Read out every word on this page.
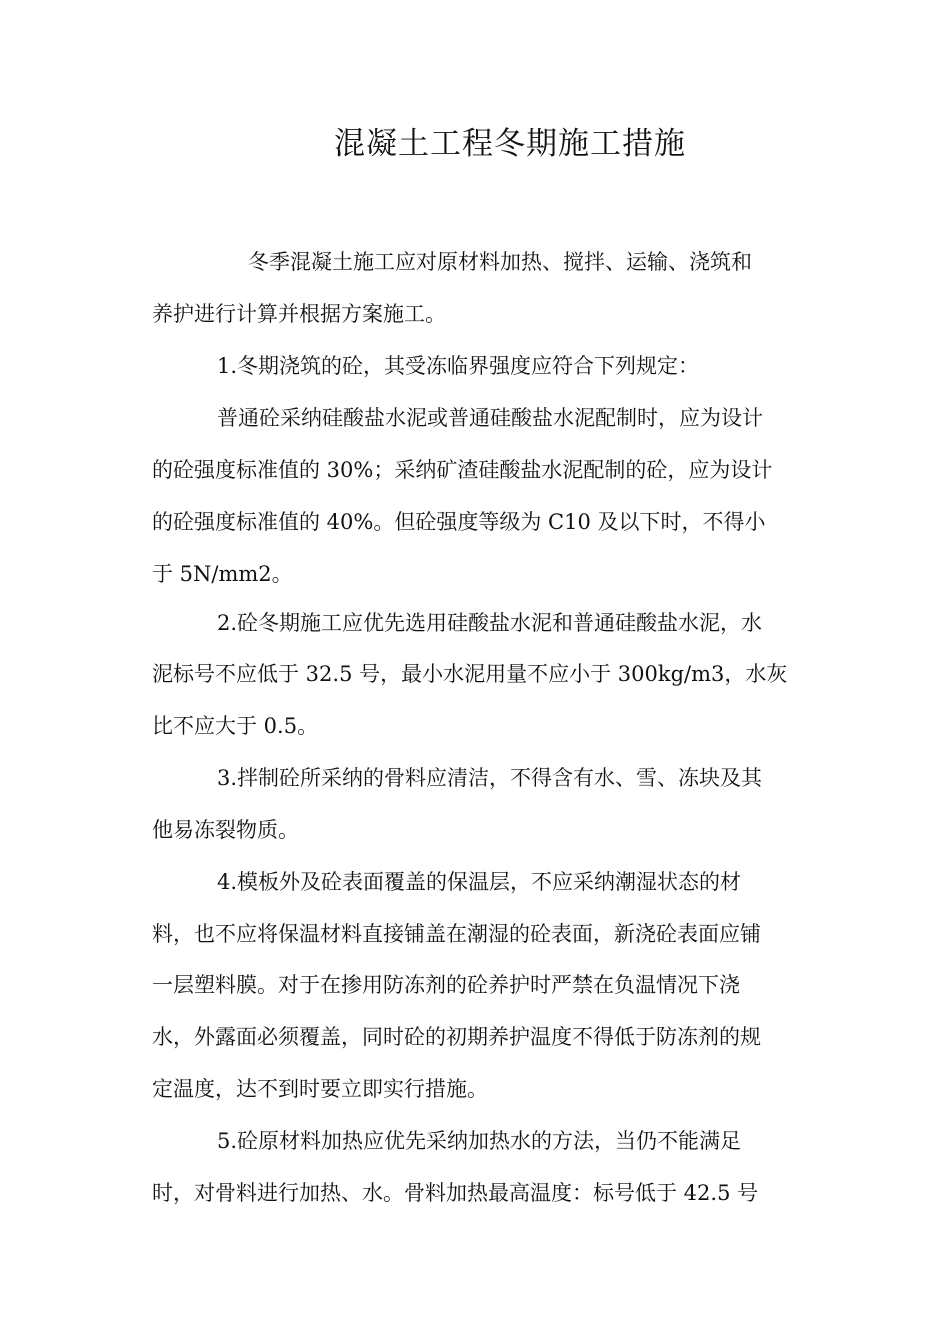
混凝土工程冬期施工措施

冬季混凝土施工应对原材料加热、搅拌、运输、浇筑和

养护进行计算并根据方案施工。

1.冬期浇筑的砼，其受冻临界强度应符合下列规定：

普通砼采纳硅酸盐水泥或普通硅酸盐水泥配制时，应为设计

的砼强度标准值的 30%；采纳矿渣硅酸盐水泥配制的砼，应为设计

的砼强度标准值的 40%。但砼强度等级为 C10 及以下时，不得小

于 5N/mm2。

2.砼冬期施工应优先选用硅酸盐水泥和普通硅酸盐水泥，水

泥标号不应低于 32.5 号，最小水泥用量不应小于 300kg/m3，水灰

比不应大于 0.5。

3.拌制砼所采纳的骨料应清洁，不得含有水、雪、冻块及其

他易冻裂物质。

4.模板外及砼表面覆盖的保温层，不应采纳潮湿状态的材

料，也不应将保温材料直接铺盖在潮湿的砼表面，新浇砼表面应铺

一层塑料膜。对于在掺用防冻剂的砼养护时严禁在负温情况下浇

水，外露面必须覆盖，同时砼的初期养护温度不得低于防冻剂的规

定温度，达不到时要立即实行措施。

5.砼原材料加热应优先采纳加热水的方法，当仍不能满足

时，对骨料进行加热、水。骨料加热最高温度：标号低于 42.5 号
